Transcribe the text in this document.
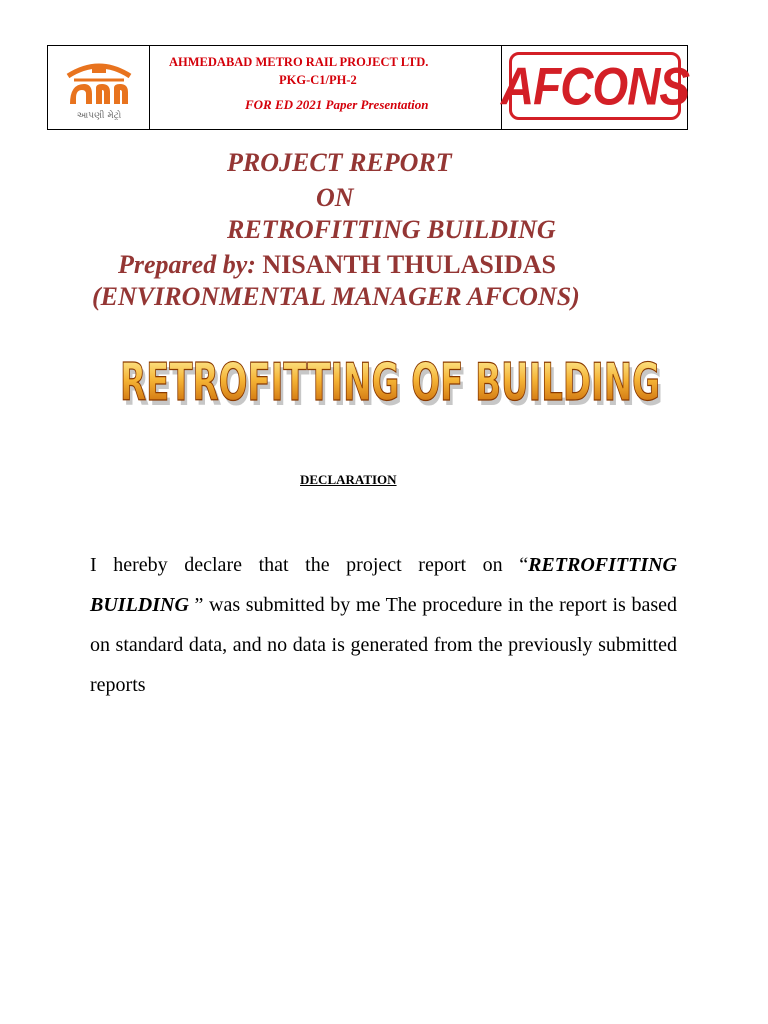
આપણી મેટ્રો
AHMEDABAD METRO RAIL PROJECT LTD.
PKG-C1/PH-2
FOR ED 2021 Paper Presentation AFCONS
PROJECT REPORT
ON
RETROFITTING BUILDING
Prepared by: NISANTH THULASIDAS
(ENVIRONMENTAL MANAGER AFCONS)
RETROFITTING OF BUILDING
RETROFITTING OF BUILDING
DECLARATION
I hereby declare that the project report on “RETROFITTING BUILDING ” was submitted by me The procedure in the report is based on standard data, and no data is generated from the previously submitted reports
